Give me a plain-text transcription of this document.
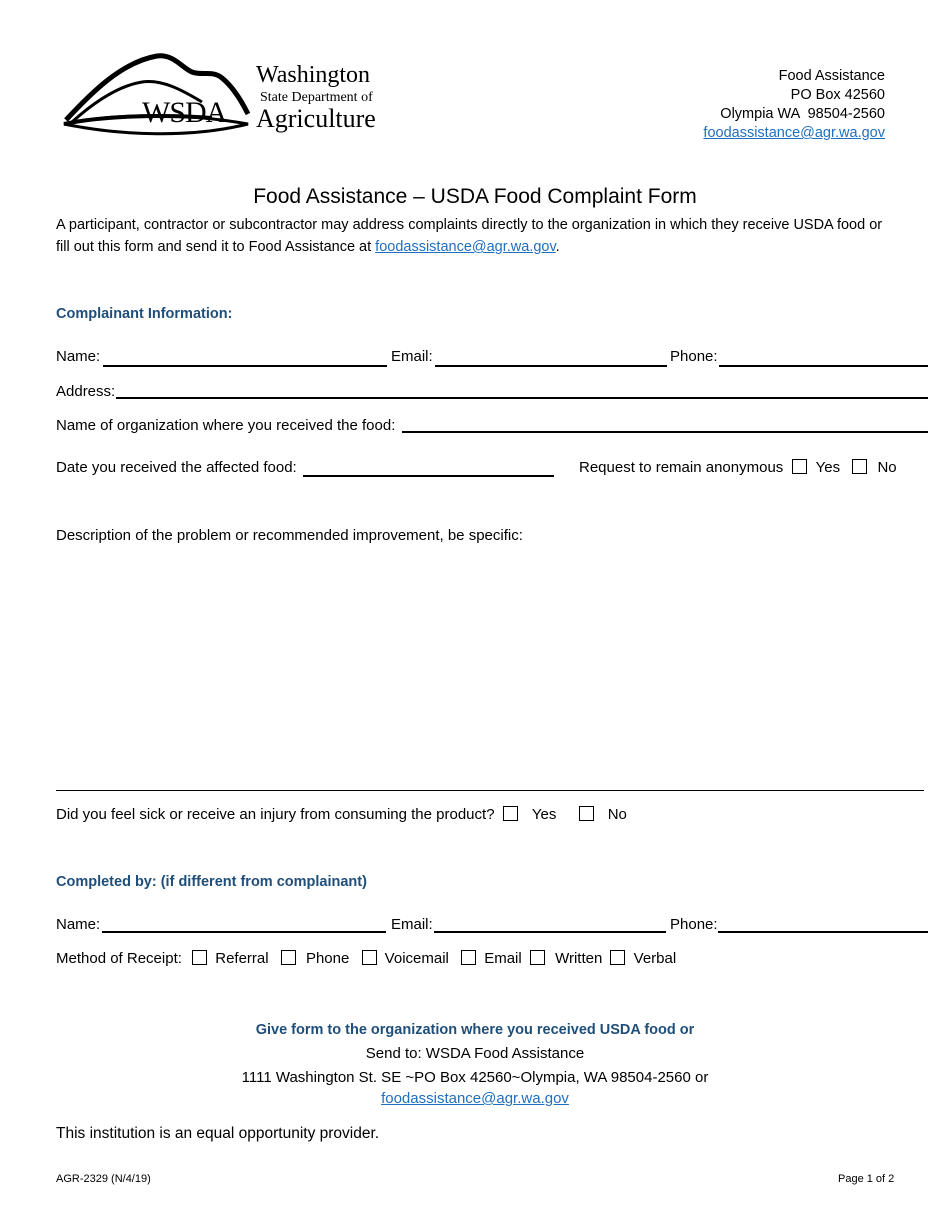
WSDA
Washington
State Department of
Agriculture
Food Assistance
PO Box 42560
Olympia WA  98504-2560
foodassistance@agr.wa.gov
Food Assistance – USDA Food Complaint Form
A participant, contractor or subcontractor may address complaints directly to the organization in which they receive USDA food or fill out this form and send it to Food Assistance at foodassistance@agr.wa.gov.
Complainant Information:
Name:	Email:	Phone:
Address:
Name of organization where you received the food:
Date you received the affected food:	Request to remain anonymous Yes No
Description of the problem or recommended improvement, be specific:
Did you feel sick or receive an injury from consuming the product? Yes	No
Completed by: (if different from complainant)
Name:	Email:	Phone:
Method of Receipt: Referral Phone Voicemail Email Written Verbal
Give form to the organization where you received USDA food or
Send to: WSDA Food Assistance
1111 Washington St. SE ~PO Box 42560~Olympia, WA 98504-2560 or
foodassistance@agr.wa.gov
This institution is an equal opportunity provider.
AGR-2329 (N/4/19)	Page 1 of 2
